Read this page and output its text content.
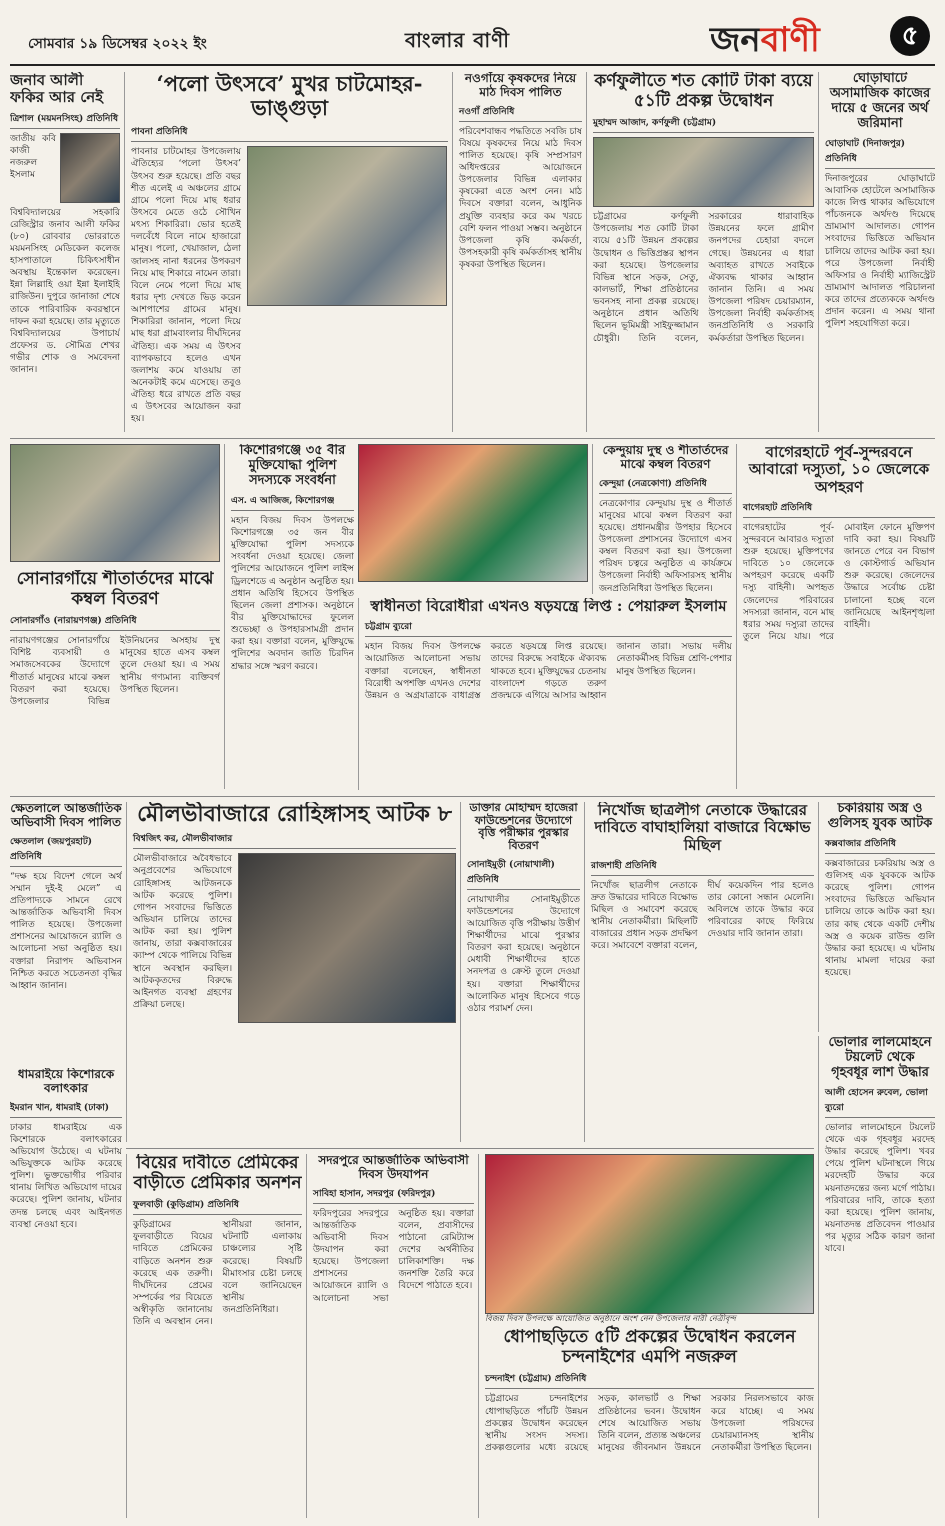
সোমবার ১৯ ডিসেম্বর ২০২২ ইং	বাংলার বাণী	জনবাণী	৫
জনাব আলী ফকির আর নেই
ত্রিশাল (ময়মনসিংহ) প্রতিনিধি
জাতীয় কবি কাজী নজরুল ইসলাম বিশ্ববিদ্যালয়ের সহকারি রেজিস্ট্রার জনাব আলী ফকির (৮০) রোববার ভোররাতে ময়মনসিংহ মেডিকেল কলেজ হাসপাতালে চিকিৎসাধীন অবস্থায় ইন্তেকাল করেছেন। ইন্না লিল্লাহি ওয়া ইন্না ইলাইহি রাজিউন। দুপুরে জানাজা শেষে তাকে পারিবারিক কবরস্থানে দাফন করা হয়েছে। তার মৃত্যুতে বিশ্ববিদ্যালয়ের উপাচার্য প্রফেসর ড. সৌমিত্র শেখর গভীর শোক ও সমবেদনা জানান।
‘পলো উৎসবে’ মুখর চাটমোহর-ভাঙ্গুড়া
পাবনা প্রতিনিধি
পাবনার চাটমোহর উপজেলায় ঐতিহ্যের ‘পলো উৎসব’ উৎসব শুরু হয়েছে। প্রতি বছর শীত এলেই এ অঞ্চলের গ্রামে গ্রামে পলো দিয়ে মাছ ধরার উৎসবে মেতে ওঠে সৌখিন মৎস্য শিকারিরা। ভোর হতেই দলবেঁধে বিলে নামে হাজারো মানুষ। পলো, খেয়াজাল, ঠেলা জালসহ নানা ধরনের উপকরণ নিয়ে মাছ শিকারে নামেন তারা। বিলে নেমে পলো দিয়ে মাছ ধরার দৃশ্য দেখতে ভিড় করেন আশপাশের গ্রামের মানুষ। শিকারিরা জানান, পলো দিয়ে মাছ ধরা গ্রামবাংলার দীর্ঘদিনের ঐতিহ্য। এক সময় এ উৎসব ব্যাপকভাবে হলেও এখন জলাশয় কমে যাওয়ায় তা অনেকটাই কমে এসেছে। তবুও ঐতিহ্য ধরে রাখতে প্রতি বছর এ উৎসবের আয়োজন করা হয়।
নওগাঁয়ে কৃষকদের নিয়ে মাঠ দিবস পালিত
নওগাঁ প্রতিনিধি
পরিবেশবান্ধব পদ্ধতিতে সবজি চাষ বিষয়ে কৃষকদের নিয়ে মাঠ দিবস পালিত হয়েছে। কৃষি সম্প্রসারণ অধিদপ্তরের আয়োজনে উপজেলার বিভিন্ন এলাকার কৃষকেরা এতে অংশ নেন। মাঠ দিবসে বক্তারা বলেন, আধুনিক প্রযুক্তি ব্যবহার করে কম খরচে বেশি ফলন পাওয়া সম্ভব। অনুষ্ঠানে উপজেলা কৃষি কর্মকর্তা, উপসহকারী কৃষি কর্মকর্তাসহ স্থানীয় কৃষকরা উপস্থিত ছিলেন।
কর্ণফুলীতে শত কোটি টাকা ব্যয়ে ৫১টি প্রকল্প উদ্বোধন
মুহাম্মদ আজাদ, কর্ণফুলী (চট্টগ্রাম)
চট্টগ্রামের কর্ণফুলী উপজেলায় শত কোটি টাকা ব্যয়ে ৫১টি উন্নয়ন প্রকল্পের উদ্বোধন ও ভিত্তিপ্রস্তর স্থাপন করা হয়েছে। উপজেলার বিভিন্ন স্থানে সড়ক, সেতু, কালভার্ট, শিক্ষা প্রতিষ্ঠানের ভবনসহ নানা প্রকল্প রয়েছে। অনুষ্ঠানে প্রধান অতিথি ছিলেন ভূমিমন্ত্রী সাইফুজ্জামান চৌধুরী। তিনি বলেন, সরকারের ধারাবাহিক উন্নয়নের ফলে গ্রামীণ জনপদের চেহারা বদলে গেছে। উন্নয়নের এ ধারা অব্যাহত রাখতে সবাইকে ঐক্যবদ্ধ থাকার আহ্বান জানান তিনি। এ সময় উপজেলা পরিষদ চেয়ারম্যান, উপজেলা নির্বাহী কর্মকর্তাসহ জনপ্রতিনিধি ও সরকারি কর্মকর্তারা উপস্থিত ছিলেন।
ঘোড়াঘাটে অসামাজিক কাজের দায়ে ৫ জনের অর্থ জরিমানা
ঘোড়াঘাট (দিনাজপুর) প্রতিনিধি
দিনাজপুরের ঘোড়াঘাটে আবাসিক হোটেলে অসামাজিক কাজে লিপ্ত থাকার অভিযোগে পাঁচজনকে অর্থদণ্ড দিয়েছে ভ্রাম্যমাণ আদালত। গোপন সংবাদের ভিত্তিতে অভিযান চালিয়ে তাদের আটক করা হয়। পরে উপজেলা নির্বাহী অফিসার ও নির্বাহী ম্যাজিস্ট্রেট ভ্রাম্যমাণ আদালত পরিচালনা করে তাদের প্রত্যেককে অর্থদণ্ড প্রদান করেন। এ সময় থানা পুলিশ সহযোগিতা করে।
কিশোরগঞ্জে ৩৫ বীর মুক্তিযোদ্ধা পুলিশ সদস্যকে সংবর্ধনা
এস. এ আজিজ, কিশোরগঞ্জ
মহান বিজয় দিবস উপলক্ষে কিশোরগঞ্জে ৩৫ জন বীর মুক্তিযোদ্ধা পুলিশ সদস্যকে সংবর্ধনা দেওয়া হয়েছে। জেলা পুলিশের আয়োজনে পুলিশ লাইন্স ড্রিলশেডে এ অনুষ্ঠান অনুষ্ঠিত হয়। প্রধান অতিথি হিসেবে উপস্থিত ছিলেন জেলা প্রশাসক। অনুষ্ঠানে বীর মুক্তিযোদ্ধাদের ফুলেল শুভেচ্ছা ও উপহারসামগ্রী প্রদান করা হয়। বক্তারা বলেন, মুক্তিযুদ্ধে পুলিশের অবদান জাতি চিরদিন শ্রদ্ধার সঙ্গে স্মরণ করবে।
কেন্দুয়ায় দুস্থ ও শীতার্তদের মাঝে কম্বল বিতরণ
কেন্দুয়া (নেত্রকোণা) প্রতিনিধি
নেত্রকোণার কেন্দুয়ায় দুস্থ ও শীতার্ত মানুষের মাঝে কম্বল বিতরণ করা হয়েছে। প্রধানমন্ত্রীর উপহার হিসেবে উপজেলা প্রশাসনের উদ্যোগে এসব কম্বল বিতরণ করা হয়। উপজেলা পরিষদ চত্বরে অনুষ্ঠিত এ কার্যক্রমে উপজেলা নির্বাহী অফিসারসহ স্থানীয় জনপ্রতিনিধিরা উপস্থিত ছিলেন।
বাগেরহাটে পূর্ব-সুন্দরবনে আবারো দস্যুতা, ১০ জেলেকে অপহরণ
বাগেরহাট প্রতিনিধি
বাগেরহাটের পূর্ব-সুন্দরবনে আবারও দস্যুতা শুরু হয়েছে। মুক্তিপণের দাবিতে ১০ জেলেকে অপহরণ করেছে একটি দস্যু বাহিনী। অপহৃত জেলেদের পরিবারের সদস্যরা জানান, বনে মাছ ধরার সময় দস্যুরা তাদের তুলে নিয়ে যায়। পরে মোবাইল ফোনে মুক্তিপণ দাবি করা হয়। বিষয়টি জানতে পেরে বন বিভাগ ও কোস্টগার্ড অভিযান শুরু করেছে। জেলেদের উদ্ধারে সর্বোচ্চ চেষ্টা চালানো হচ্ছে বলে জানিয়েছে আইনশৃঙ্খলা বাহিনী।
সোনারগাঁয়ে শীতার্তদের মাঝে কম্বল বিতরণ
সোনারগাঁও (নারায়ণগঞ্জ) প্রতিনিধি
নারায়ণগঞ্জের সোনারগাঁয়ে বিশিষ্ট ব্যবসায়ী ও সমাজসেবকের উদ্যোগে শীতার্ত মানুষের মাঝে কম্বল বিতরণ করা হয়েছে। উপজেলার বিভিন্ন ইউনিয়নের অসহায় দুস্থ মানুষের হাতে এসব কম্বল তুলে দেওয়া হয়। এ সময় স্থানীয় গণ্যমান্য ব্যক্তিবর্গ উপস্থিত ছিলেন।
স্বাধীনতা বিরোধীরা এখনও ষড়যন্ত্রে লিপ্ত : পেয়ারুল ইসলাম
চট্টগ্রাম ব্যুরো
মহান বিজয় দিবস উপলক্ষে আয়োজিত আলোচনা সভায় বক্তারা বলেছেন, স্বাধীনতা বিরোধী অপশক্তি এখনও দেশের উন্নয়ন ও অগ্রযাত্রাকে বাধাগ্রস্ত করতে ষড়যন্ত্রে লিপ্ত রয়েছে। তাদের বিরুদ্ধে সবাইকে ঐক্যবদ্ধ থাকতে হবে। মুক্তিযুদ্ধের চেতনায় বাংলাদেশ গড়তে তরুণ প্রজন্মকে এগিয়ে আসার আহ্বান জানান তারা। সভায় দলীয় নেতাকর্মীসহ বিভিন্ন শ্রেণি-পেশার মানুষ উপস্থিত ছিলেন।
ক্ষেতলালে আন্তর্জাতিক অভিবাসী দিবস পালিত
ক্ষেতলাল (জয়পুরহাট) প্রতিনিধি
“দক্ষ হয়ে বিদেশ গেলে অর্থ সম্মান দুই-ই মেলে” এ প্রতিপাদ্যকে সামনে রেখে আন্তর্জাতিক অভিবাসী দিবস পালিত হয়েছে। উপজেলা প্রশাসনের আয়োজনে র‍্যালি ও আলোচনা সভা অনুষ্ঠিত হয়। বক্তারা নিরাপদ অভিবাসন নিশ্চিত করতে সচেতনতা বৃদ্ধির আহ্বান জানান।
মৌলভীবাজারে রোহিঙ্গাসহ আটক ৮
বিশ্বজিৎ কর, মৌলভীবাজার
মৌলভীবাজারে অবৈধভাবে অনুপ্রবেশের অভিযোগে রোহিঙ্গাসহ আটজনকে আটক করেছে পুলিশ। গোপন সংবাদের ভিত্তিতে অভিযান চালিয়ে তাদের আটক করা হয়। পুলিশ জানায়, তারা কক্সবাজারের ক্যাম্প থেকে পালিয়ে বিভিন্ন স্থানে অবস্থান করছিল। আটককৃতদের বিরুদ্ধে আইনগত ব্যবস্থা গ্রহণের প্রক্রিয়া চলছে।
ডাক্তার মোহাম্মদ হাজেরা ফাউন্ডেশনের উদ্যোগে বৃত্তি পরীক্ষার পুরস্কার বিতরণ
সোনাইমুড়ী (নোয়াখালী) প্রতিনিধি
নোয়াখালীর সোনাইমুড়ীতে ফাউন্ডেশনের উদ্যোগে আয়োজিত বৃত্তি পরীক্ষায় উত্তীর্ণ শিক্ষার্থীদের মাঝে পুরস্কার বিতরণ করা হয়েছে। অনুষ্ঠানে মেধাবী শিক্ষার্থীদের হাতে সনদপত্র ও ক্রেস্ট তুলে দেওয়া হয়। বক্তারা শিক্ষার্থীদের আলোকিত মানুষ হিসেবে গড়ে ওঠার পরামর্শ দেন।
নিখোঁজ ছাত্রলীগ নেতাকে উদ্ধারের দাবিতে বাঘাহালিয়া বাজারে বিক্ষোভ মিছিল
রাজশাহী প্রতিনিধি
নিখোঁজ ছাত্রলীগ নেতাকে দ্রুত উদ্ধারের দাবিতে বিক্ষোভ মিছিল ও সমাবেশ করেছে স্থানীয় নেতাকর্মীরা। মিছিলটি বাজারের প্রধান সড়ক প্রদক্ষিণ করে। সমাবেশে বক্তারা বলেন, দীর্ঘ কয়েকদিন পার হলেও তার কোনো সন্ধান মেলেনি। অবিলম্বে তাকে উদ্ধার করে পরিবারের কাছে ফিরিয়ে দেওয়ার দাবি জানান তারা।
চকরিয়ায় অস্ত্র ও গুলিসহ যুবক আটক
কক্সবাজার প্রতিনিধি
কক্সবাজারের চকরিয়ায় অস্ত্র ও গুলিসহ এক যুবককে আটক করেছে পুলিশ। গোপন সংবাদের ভিত্তিতে অভিযান চালিয়ে তাকে আটক করা হয়। তার কাছ থেকে একটি দেশীয় অস্ত্র ও কয়েক রাউন্ড গুলি উদ্ধার করা হয়েছে। এ ঘটনায় থানায় মামলা দায়ের করা হয়েছে।
ধামরাইয়ে কিশোরকে বলাৎকার
ইমরান খান, ধামরাই (ঢাকা)
ঢাকার ধামরাইয়ে এক কিশোরকে বলাৎকারের অভিযোগ উঠেছে। এ ঘটনায় অভিযুক্তকে আটক করেছে পুলিশ। ভুক্তভোগীর পরিবার থানায় লিখিত অভিযোগ দায়ের করেছে। পুলিশ জানায়, ঘটনার তদন্ত চলছে এবং আইনগত ব্যবস্থা নেওয়া হবে।
ভোলার লালমোহনে টয়লেট থেকে গৃহবধূর লাশ উদ্ধার
আলী হোসেন রুবেল, ভোলা ব্যুরো
ভোলার লালমোহনে টয়লেট থেকে এক গৃহবধূর মরদেহ উদ্ধার করেছে পুলিশ। খবর পেয়ে পুলিশ ঘটনাস্থলে গিয়ে মরদেহটি উদ্ধার করে ময়নাতদন্তের জন্য মর্গে পাঠায়। পরিবারের দাবি, তাকে হত্যা করা হয়েছে। পুলিশ জানায়, ময়নাতদন্ত প্রতিবেদন পাওয়ার পর মৃত্যুর সঠিক কারণ জানা যাবে।
বিয়ের দাবীতে প্রেমিকের বাড়ীতে প্রেমিকার অনশন
ফুলবাড়ী (কুড়িগ্রাম) প্রতিনিধি
কুড়িগ্রামের ফুলবাড়ীতে বিয়ের দাবিতে প্রেমিকের বাড়িতে অনশন শুরু করেছে এক তরুণী। দীর্ঘদিনের প্রেমের সম্পর্কের পর বিয়েতে অস্বীকৃতি জানানোয় তিনি এ অবস্থান নেন। স্থানীয়রা জানান, ঘটনাটি এলাকায় চাঞ্চল্যের সৃষ্টি করেছে। বিষয়টি মীমাংসার চেষ্টা চলছে বলে জানিয়েছেন স্থানীয় জনপ্রতিনিধিরা।
সদরপুরে আন্তর্জাতিক অভিবাসী দিবস উদযাপন
সাবিহা হাসান, সদরপুর (ফরিদপুর)
ফরিদপুরের সদরপুরে আন্তর্জাতিক অভিবাসী দিবস উদযাপন করা হয়েছে। উপজেলা প্রশাসনের আয়োজনে র‍্যালি ও আলোচনা সভা অনুষ্ঠিত হয়। বক্তারা বলেন, প্রবাসীদের পাঠানো রেমিট্যান্স দেশের অর্থনীতির চালিকাশক্তি। দক্ষ জনশক্তি তৈরি করে বিদেশে পাঠাতে হবে।
বিজয় দিবস উপলক্ষে আয়োজিত অনুষ্ঠানে অংশ নেন উপজেলার নারী নেত্রীবৃন্দ
ধোপাছড়িতে ৫টি প্রকল্পের উদ্বোধন করলেন চন্দনাইশের এমপি নজরুল
চন্দনাইশ (চট্টগ্রাম) প্রতিনিধি
চট্টগ্রামের চন্দনাইশের ধোপাছড়িতে পাঁচটি উন্নয়ন প্রকল্পের উদ্বোধন করেছেন স্থানীয় সংসদ সদস্য। প্রকল্পগুলোর মধ্যে রয়েছে সড়ক, কালভার্ট ও শিক্ষা প্রতিষ্ঠানের ভবন। উদ্বোধন শেষে আয়োজিত সভায় তিনি বলেন, প্রত্যন্ত অঞ্চলের মানুষের জীবনমান উন্নয়নে সরকার নিরলসভাবে কাজ করে যাচ্ছে। এ সময় উপজেলা পরিষদের চেয়ারম্যানসহ স্থানীয় নেতাকর্মীরা উপস্থিত ছিলেন।
